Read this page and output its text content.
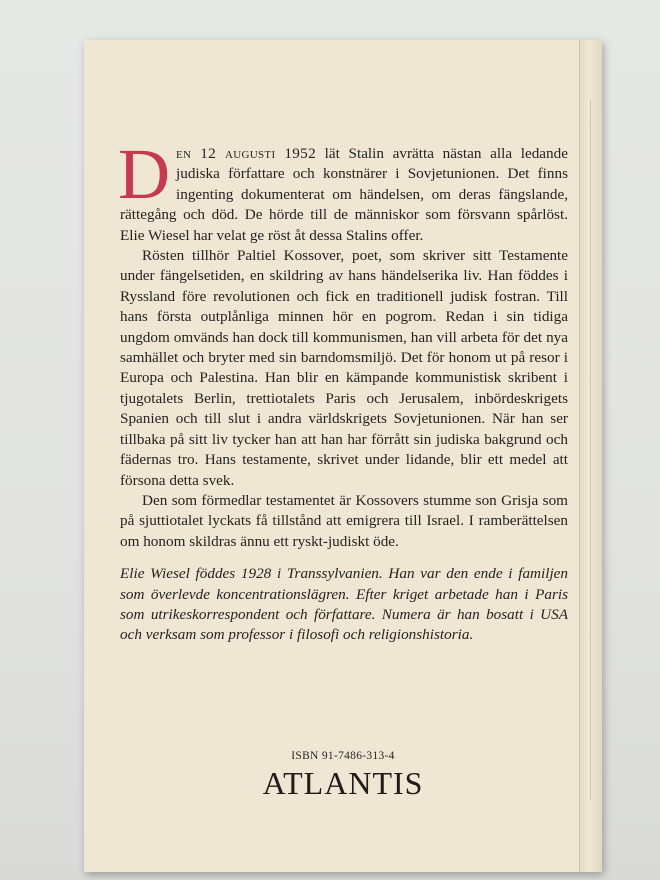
Den 12 augusti 1952 lät Stalin avrätta nästan alla ledande judiska författare och konstnärer i Sovjetunionen. Det finns ingenting dokumenterat om händelsen, om deras fängslande, rättegång och död. De hörde till de människor som försvann spårlöst. Elie Wiesel har velat ge röst åt dessa Stalins offer.

Rösten tillhör Paltiel Kossover, poet, som skriver sitt Testamente under fängelsetiden, en skildring av hans händelserika liv. Han föddes i Ryssland före revolutionen och fick en traditionell judisk fostran. Till hans första outplånliga minnen hör en pogrom. Redan i sin tidiga ungdom omvänds han dock till kommunismen, han vill arbeta för det nya samhället och bryter med sin barndomsmiljö. Det för honom ut på resor i Europa och Palestina. Han blir en kämpande kommunistisk skribent i tjugotalets Berlin, trettiotalets Paris och Jerusalem, inbördeskrigets Spanien och till slut i andra världskrigets Sovjetunionen. När han ser tillbaka på sitt liv tycker han att han har förrått sin judiska bakgrund och fädernas tro. Hans testamente, skrivet under lidande, blir ett medel att försona detta svek.

Den som förmedlar testamentet är Kossovers stumme son Grisja som på sjuttiotalet lyckats få tillstånd att emigrera till Israel. I ramberättelsen om honom skildras ännu ett ryskt-judiskt öde.

Elie Wiesel föddes 1928 i Transsylvanien. Han var den ende i familjen som överlevde koncentrationslägren. Efter kriget arbetade han i Paris som utrikeskorrespondent och författare. Numera är han bosatt i USA och verksam som professor i filosofi och religionshistoria.

ISBN 91-7486-313-4
ATLANTIS
